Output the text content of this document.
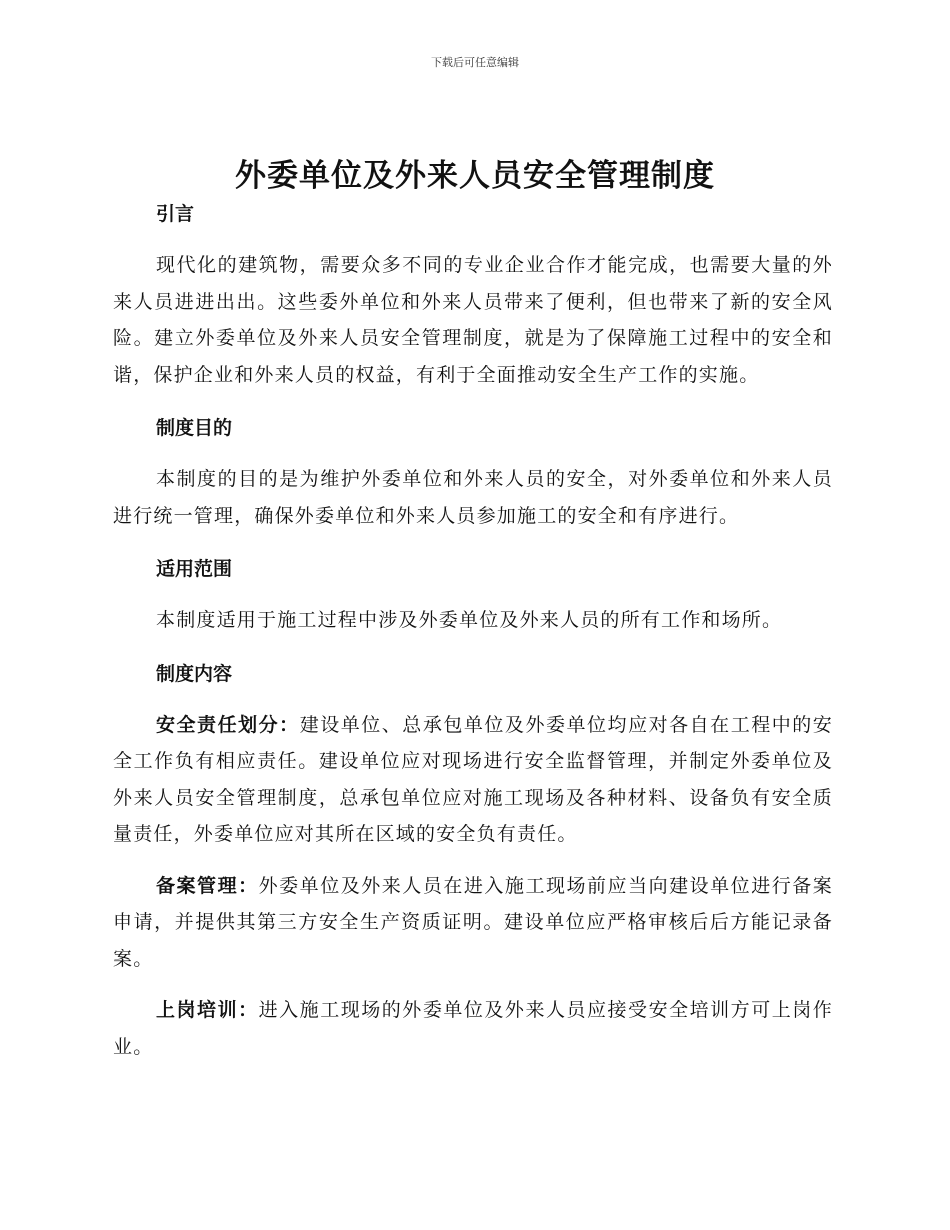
下载后可任意编辑
外委单位及外来人员安全管理制度

引言

现代化的建筑物，需要众多不同的专业企业合作才能完成，也需要大量的外来人员进进出出。这些委外单位和外来人员带来了便利，但也带来了新的安全风险。建立外委单位及外来人员安全管理制度，就是为了保障施工过程中的安全和谐，保护企业和外来人员的权益，有利于全面推动安全生产工作的实施。

制度目的

本制度的目的是为维护外委单位和外来人员的安全，对外委单位和外来人员进行统一管理，确保外委单位和外来人员参加施工的安全和有序进行。

适用范围

本制度适用于施工过程中涉及外委单位及外来人员的所有工作和场所。

制度内容

安全责任划分：建设单位、总承包单位及外委单位均应对各自在工程中的安全工作负有相应责任。建设单位应对现场进行安全监督管理，并制定外委单位及外来人员安全管理制度，总承包单位应对施工现场及各种材料、设备负有安全质量责任，外委单位应对其所在区域的安全负有责任。

备案管理：外委单位及外来人员在进入施工现场前应当向建设单位进行备案申请，并提供其第三方安全生产资质证明。建设单位应严格审核后后方能记录备案。

上岗培训：进入施工现场的外委单位及外来人员应接受安全培训方可上岗作业。
